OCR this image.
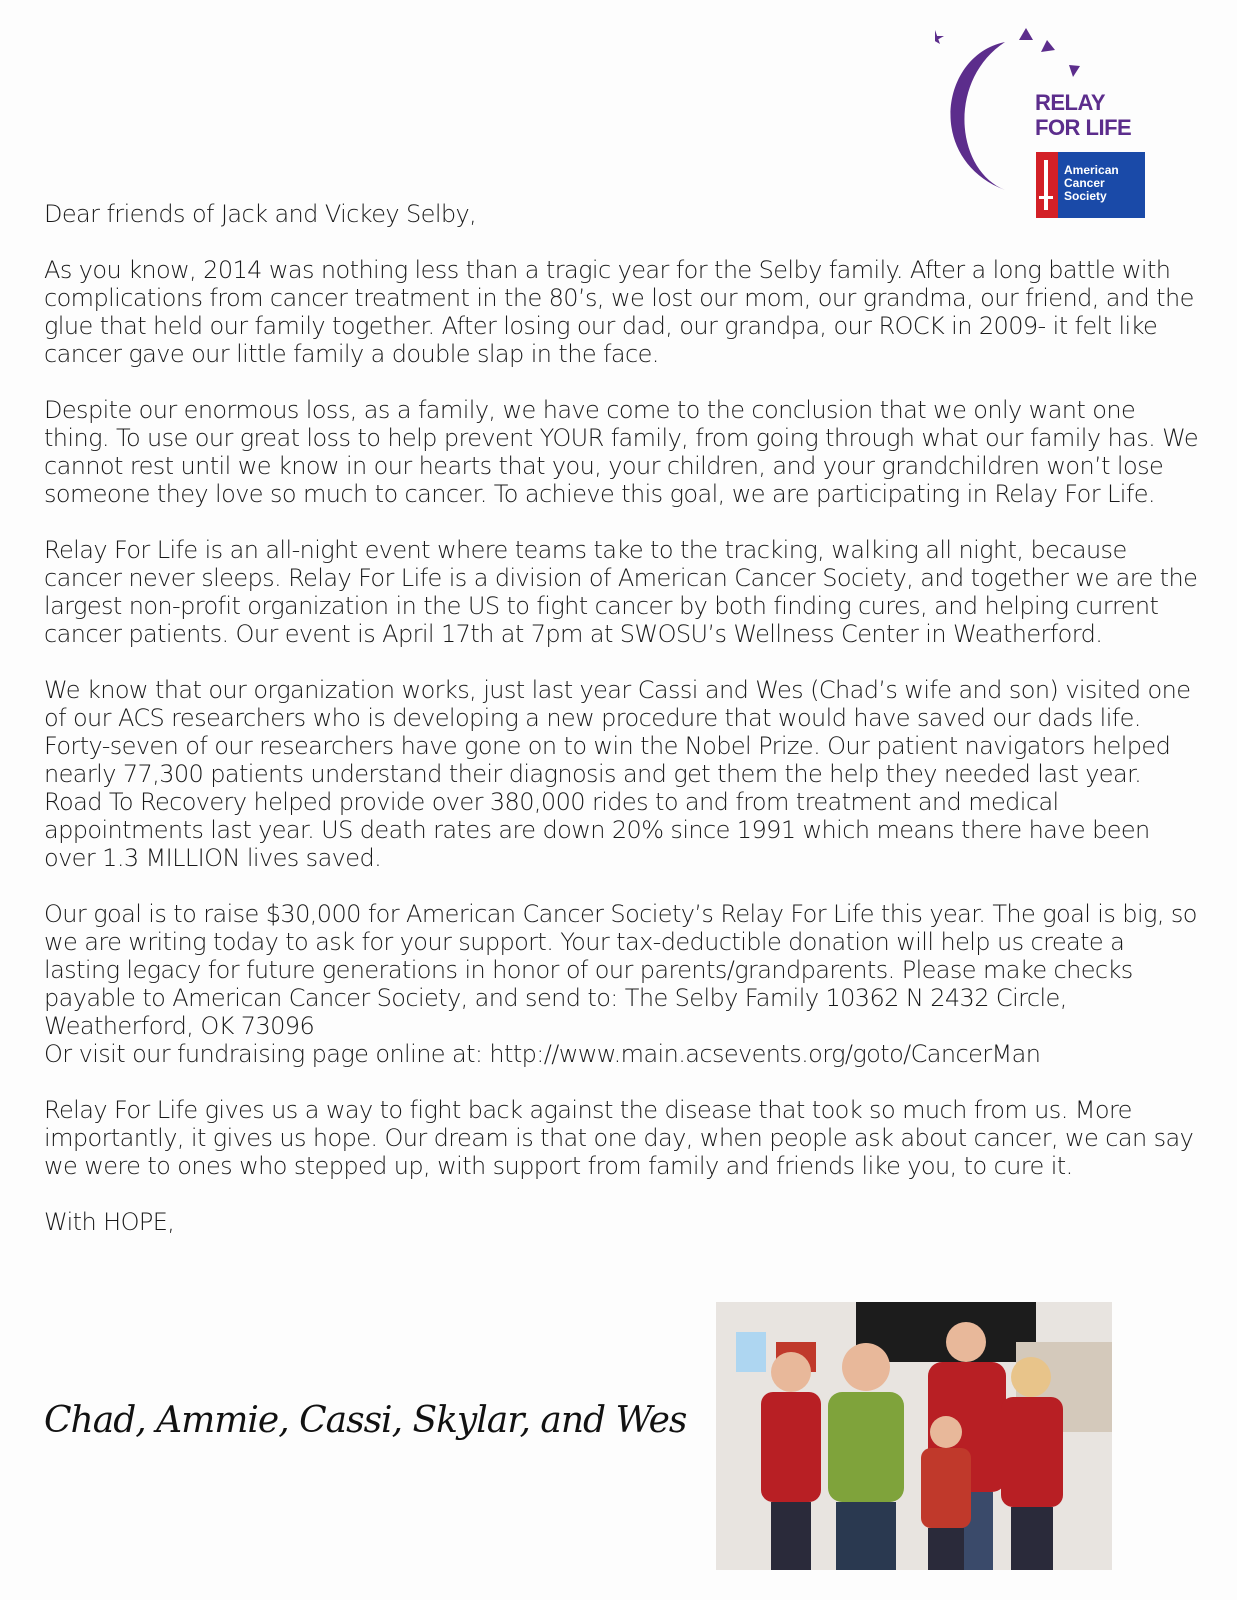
RELAY
FOR LIFE
American
Cancer
Society

Dear friends of Jack and Vickey Selby,

As you know, 2014 was nothing less than a tragic year for the Selby family. After a long battle with complications from cancer treatment in the 80’s, we lost our mom, our grandma, our friend, and the glue that held our family together. After losing our dad, our grandpa, our ROCK in 2009- it felt like cancer gave our little family a double slap in the face.

Despite our enormous loss, as a family, we have come to the conclusion that we only want one thing. To use our great loss to help prevent YOUR family, from going through what our family has. We cannot rest until we know in our hearts that you, your children, and your grandchildren won’t lose someone they love so much to cancer. To achieve this goal, we are participating in Relay For Life.

Relay For Life is an all-night event where teams take to the tracking, walking all night, because cancer never sleeps. Relay For Life is a division of American Cancer Society, and together we are the largest non-profit organization in the US to fight cancer by both finding cures, and helping current cancer patients. Our event is April 17th at 7pm at SWOSU’s Wellness Center in Weatherford.

We know that our organization works, just last year Cassi and Wes (Chad’s wife and son) visited one of our ACS researchers who is developing a new procedure that would have saved our dads life. Forty-seven of our researchers have gone on to win the Nobel Prize. Our patient navigators helped nearly 77,300 patients understand their diagnosis and get them the help they needed last year. Road To Recovery helped provide over 380,000 rides to and from treatment and medical appointments last year. US death rates are down 20% since 1991 which means there have been over 1.3 MILLION lives saved.

Our goal is to raise $30,000 for American Cancer Society’s Relay For Life this year. The goal is big, so we are writing today to ask for your support. Your tax-deductible donation will help us create a lasting legacy for future generations in honor of our parents/grandparents. Please make checks payable to American Cancer Society, and send to: The Selby Family 10362 N 2432 Circle, Weatherford, OK 73096
Or visit our fundraising page online at: http://www.main.acsevents.org/goto/CancerMan

Relay For Life gives us a way to fight back against the disease that took so much from us. More importantly, it gives us hope. Our dream is that one day, when people ask about cancer, we can say we were to ones who stepped up, with support from family and friends like you, to cure it.

With HOPE,

Chad, Ammie, Cassi, Skylar, and Wes
